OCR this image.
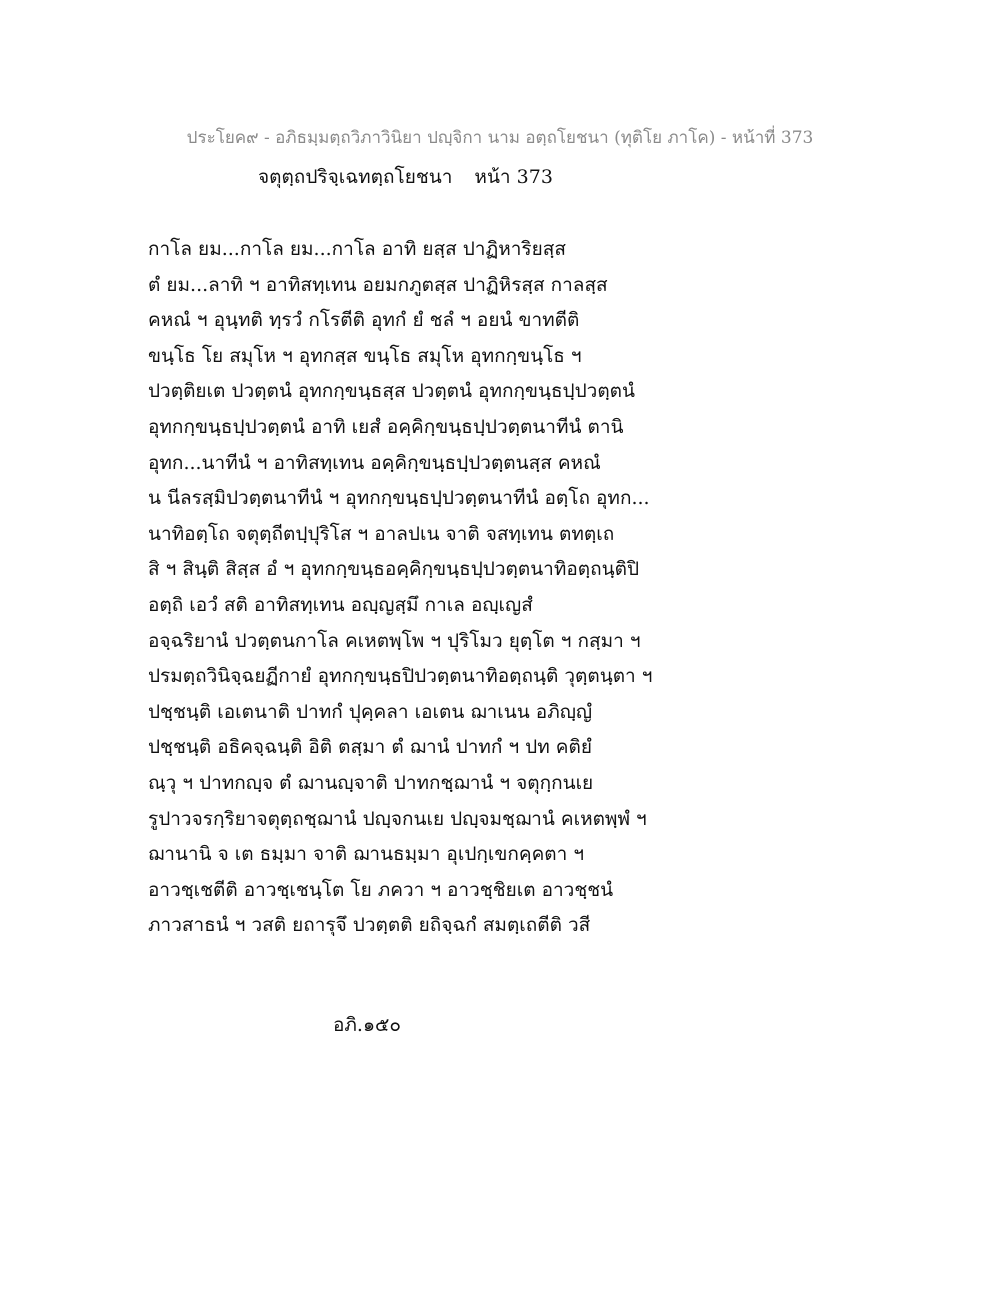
ประโยค๙ - อภิธมฺมตฺถวิภาวินิยา ปญฺจิกา นาม อตฺถโยชนา (ทุติโย ภาโค) - หน้าที่ 373
จตุตฺถปริจฺเฉทตฺถโยชนา หน้า 373
กาโล ยม...กาโล ยม...กาโล อาทิ ยสฺส ปาฏิหาริยสฺส
ตํ ยม...ลาทิ ฯ อาทิสทฺเทน อยมกภูตสฺส ปาฏิหิรสฺส กาลสฺส
คหณํ ฯ อุนฺทติ ทฺรวํ กโรตีติ อุทกํ ยํ ชลํ ฯ อยนํ ขาทตีติ
ขนฺโธ โย สมุโห ฯ อุทกสฺส ขนฺโธ สมุโห อุทกกฺขนฺโธ ฯ
ปวตฺติยเต ปวตฺตนํ อุทกกฺขนฺธสฺส ปวตฺตนํ อุทกกฺขนฺธปฺปวตฺตนํ
อุทกกฺขนฺธปฺปวตฺตนํ อาทิ เยสํ อคฺคิกฺขนฺธปฺปวตฺตนาทีนํ ตานิ
อุทก...นาทีนํ ฯ อาทิสทฺเทน อคฺคิกฺขนฺธปฺปวตฺตนสฺส คหณํ
น นีลรสฺมิปวตฺตนาทีนํ ฯ อุทกกฺขนฺธปฺปวตฺตนาทีนํ อตฺโถ อุทก...
นาทิอตฺโถ จตุตฺถีตปฺปุริโส ฯ อาลปเน จาติ จสทฺเทน ตทตฺเถ
สิ ฯ สินฺติ สิสฺส อํ ฯ อุทกกฺขนฺธอคฺคิกฺขนฺธปฺปวตฺตนาทิอตฺถนฺติปิ
อตฺถิ เอวํ สติ อาทิสทฺเทน อญฺญสฺมึ กาเล อญฺเญสํ
อจฺฉริยานํ ปวตฺตนกาโล คเหตพฺโพ ฯ ปุริโมว ยุตฺโต ฯ กสฺมา ฯ
ปรมตฺถวินิจฺฉยฏีกายํ อุทกกฺขนฺธปิปวตฺตนาทิอตฺถนฺติ วุตฺตนฺตา ฯ
ปชฺชนฺติ เอเตนาติ ปาทกํ ปุคฺคลา เอเตน ฌาเนน อภิญฺญํ
ปชฺชนฺติ อธิคจฺฉนฺติ อิติ ตสฺมา ตํ ฌานํ ปาทกํ ฯ ปท คติยํ
ณฺวุ ฯ ปาทกญฺจ ตํ ฌานญฺจาติ ปาทกชฺฌานํ ฯ จตุกฺกนเย
รูปาวจรกฺริยาจตุตฺถชฺฌานํ ปญฺจกนเย ปญฺจมชฺฌานํ คเหตพฺพํ ฯ
ฌานานิ จ เต ธมฺมา จาติ ฌานธมฺมา อุเปกฺเขกคฺคตา ฯ
อาวชฺเชตีติ อาวชฺเชนฺโต โย ภควา ฯ อาวชฺชิยเต อาวชฺชนํ
ภาวสาธนํ ฯ วสติ ยถารุจึ ปวตฺตติ ยถิจฺฉกํ สมตฺเถตีติ วสี
อภิ.๑๕๐
